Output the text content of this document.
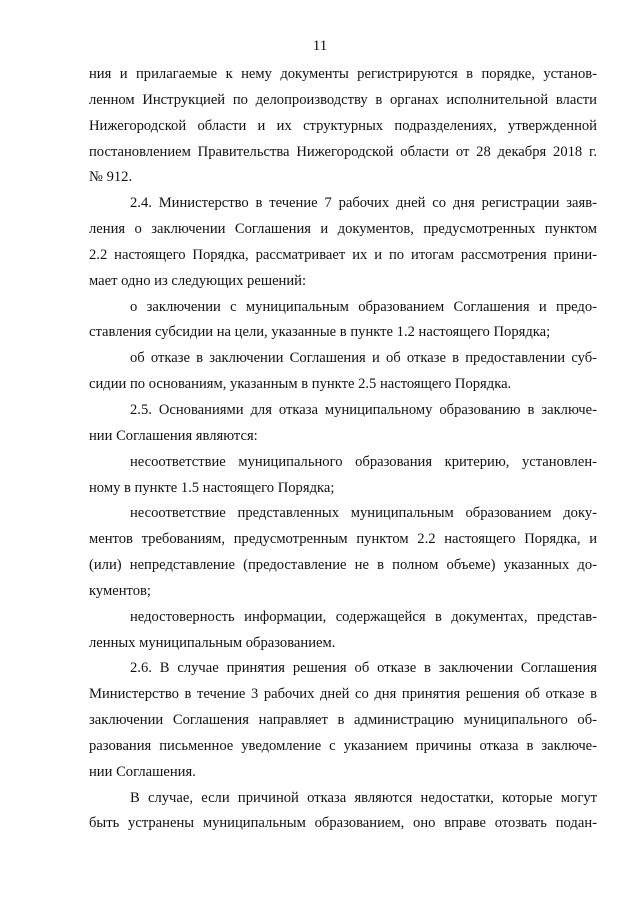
11
ния и прилагаемые к нему документы регистрируются в порядке, установ-
ленном Инструкцией по делопроизводству в органах исполнительной власти
Нижегородской области и их структурных подразделениях, утвержденной
постановлением Правительства Нижегородской области от 28 декабря 2018 г.
№ 912.
2.4. Министерство в течение 7 рабочих дней со дня регистрации заяв-
ления о заключении Соглашения и документов, предусмотренных пунктом
2.2 настоящего Порядка, рассматривает их и по итогам рассмотрения прини-
мает одно из следующих решений:
о заключении с муниципальным образованием Соглашения и предо-
ставления субсидии на цели, указанные в пункте 1.2 настоящего Порядка;
об отказе в заключении Соглашения и об отказе в предоставлении суб-
сидии по основаниям, указанным в пункте 2.5 настоящего Порядка.
2.5. Основаниями для отказа муниципальному образованию в заключе-
нии Соглашения являются:
несоответствие муниципального образования критерию, установлен-
ному в пункте 1.5 настоящего Порядка;
несоответствие представленных муниципальным образованием доку-
ментов требованиям, предусмотренным пунктом 2.2 настоящего Порядка, и
(или) непредставление (предоставление не в полном объеме) указанных до-
кументов;
недостоверность информации, содержащейся в документах, представ-
ленных муниципальным образованием.
2.6. В случае принятия решения об отказе в заключении Соглашения
Министерство в течение 3 рабочих дней со дня принятия решения об отказе в
заключении Соглашения направляет в администрацию муниципального об-
разования письменное уведомление с указанием причины отказа в заключе-
нии Соглашения.
В случае, если причиной отказа являются недостатки, которые могут
быть устранены муниципальным образованием, оно вправе отозвать подан-
